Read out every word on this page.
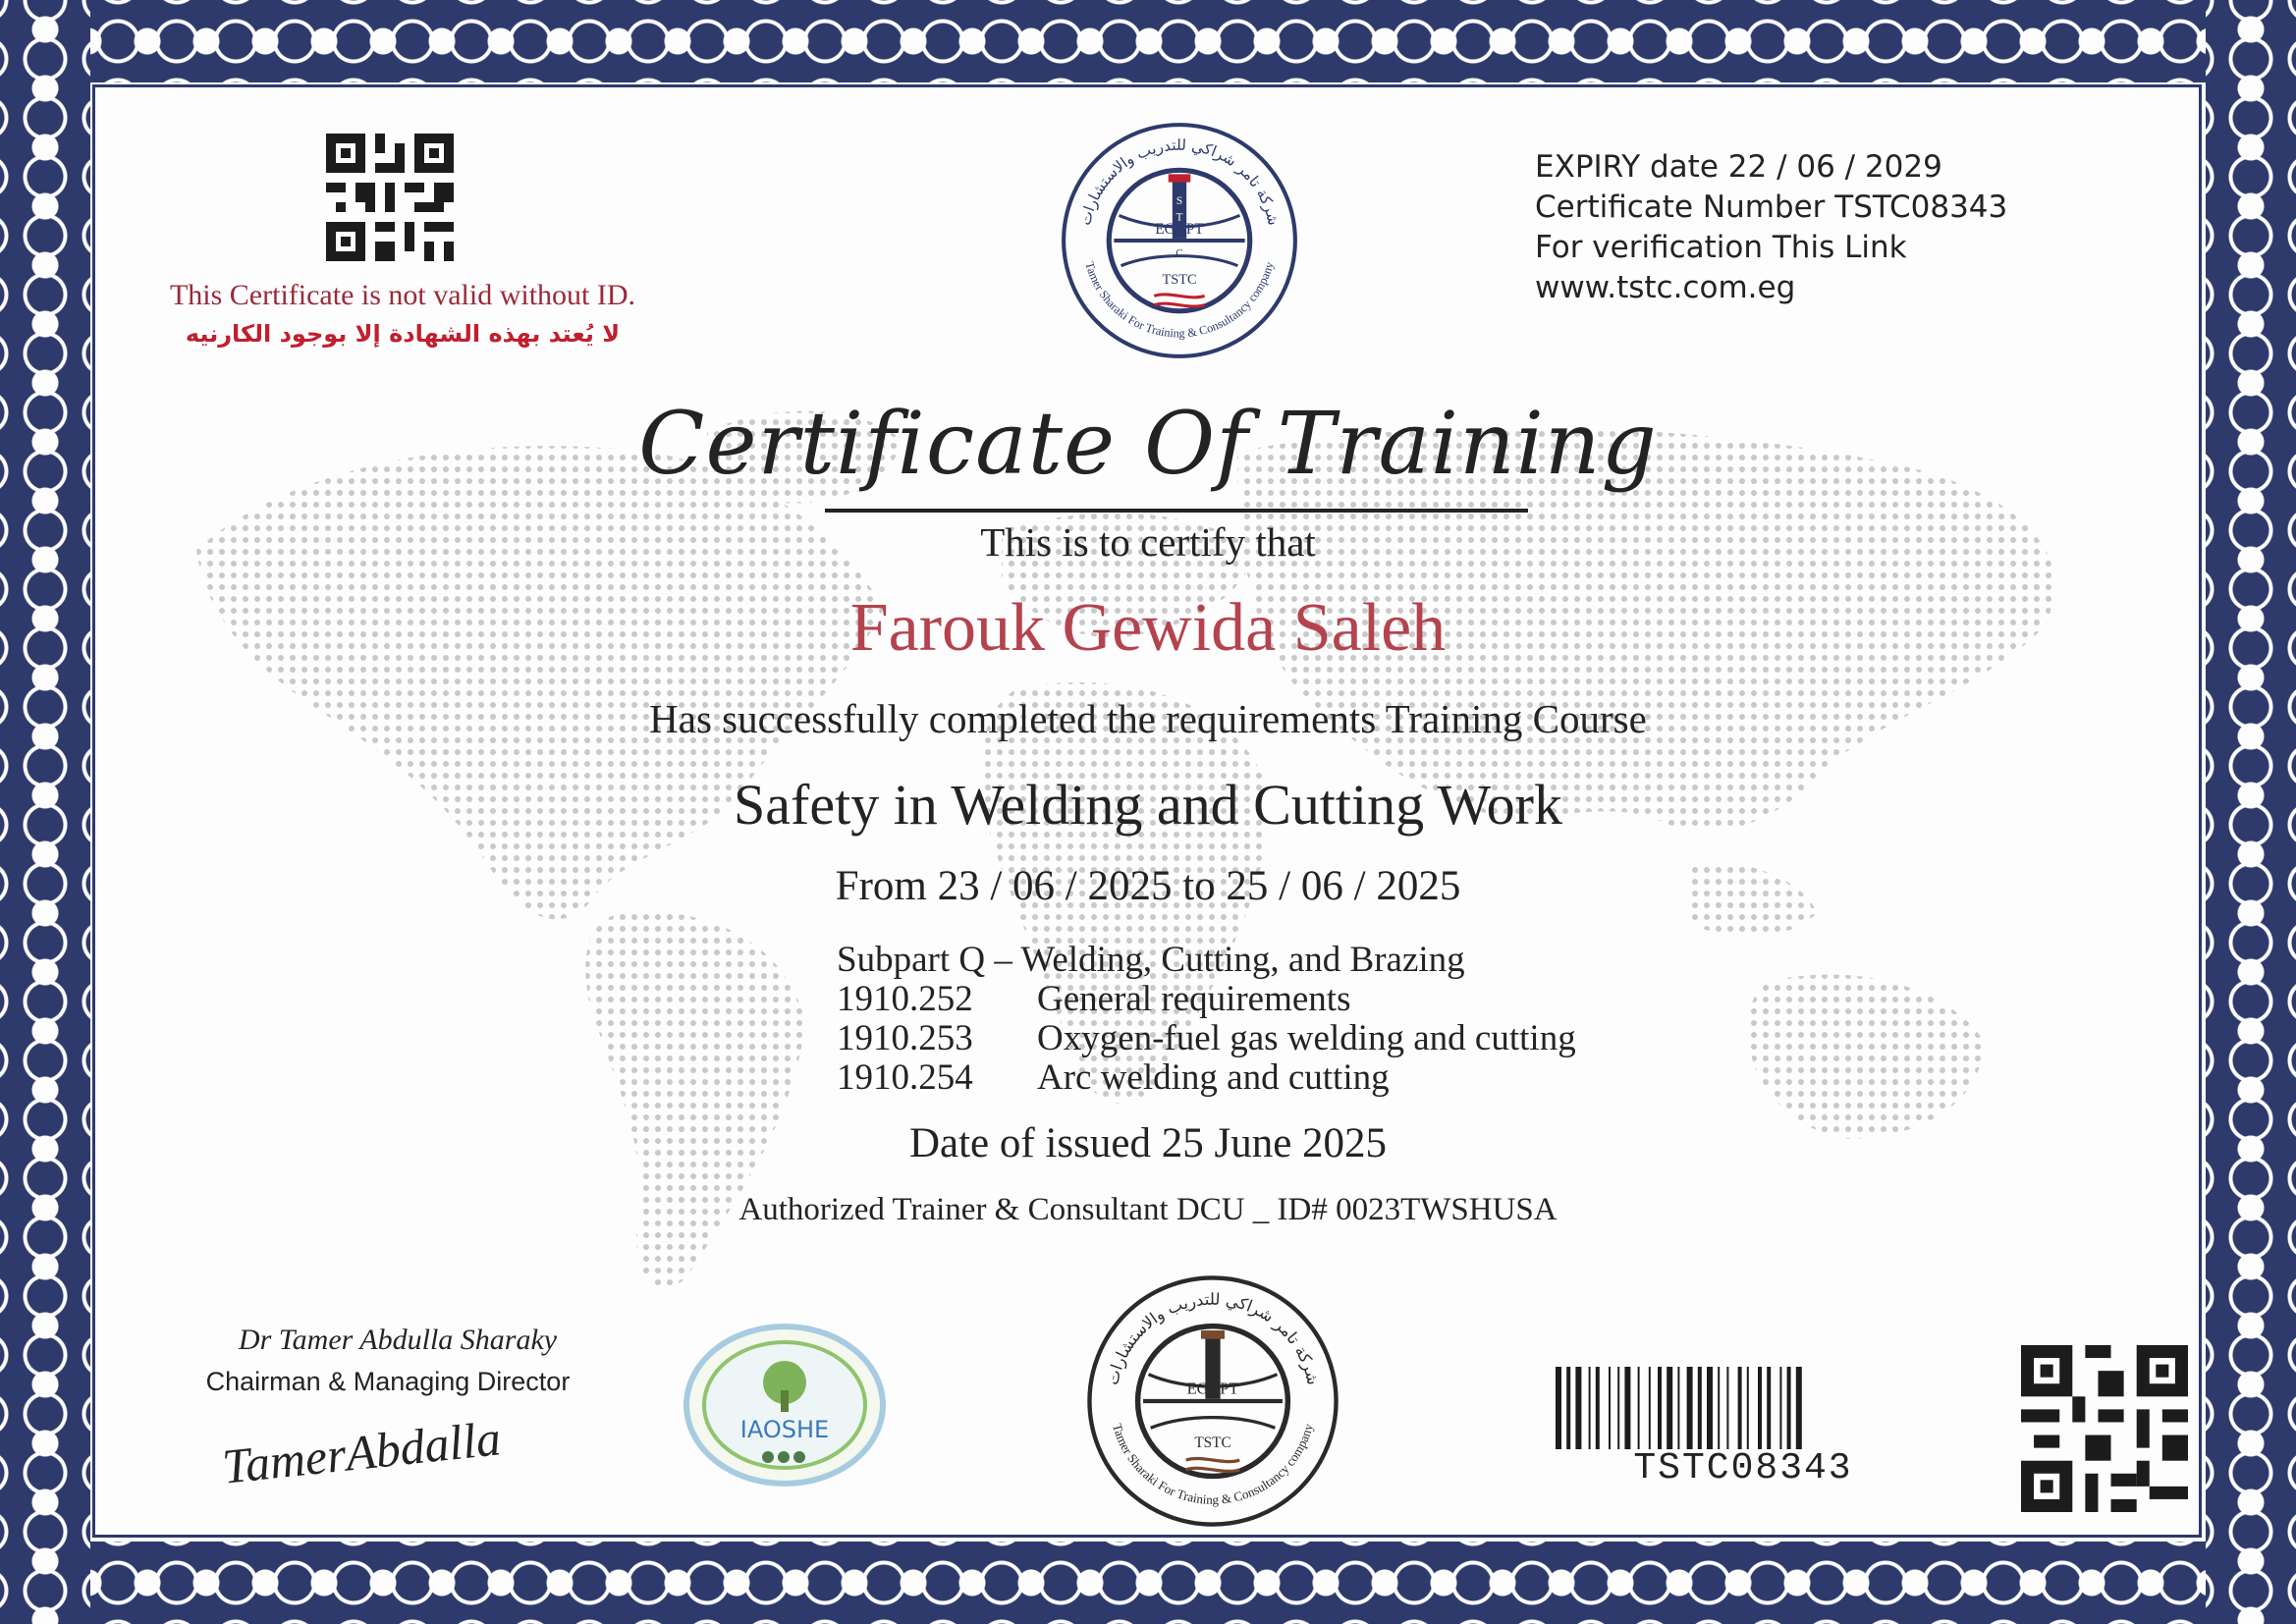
This Certificate is not valid without ID.
لا يُعتد بهذه الشهادة إلا بوجود الكارنيه
شركة تامر شراكي للتدريب والاستشارات
Tamer Sharaki For Training & Consultancy company
EGYPT
TSTC
S
T
C
EXPIRY date 22 / 06 / 2029
Certificate Number TSTC08343
For verification This Link
www.tstc.com.eg
Certificate Of Training
This is to certify that
Farouk Gewida Saleh
Has successfully completed the requirements Training Course
Safety in Welding and Cutting Work
From 23 / 06 / 2025 to 25 / 06 / 2025
Subpart Q – Welding, Cutting, and Brazing
1910.252 General requirements
1910.253 Oxygen-fuel gas welding and cutting
1910.254 Arc welding and cutting
Date of issued 25 June 2025
Authorized Trainer & Consultant DCU _ ID# 0023TWSHUSA
Dr Tamer Abdulla Sharaky
Chairman & Managing Director
TamerAbdalla	IAOSHE
شركة تامر شراكي للتدريب والاستشارات
Tamer Sharaki For Training & Consultancy company
EGYPT
TSTC
TSTC08343
